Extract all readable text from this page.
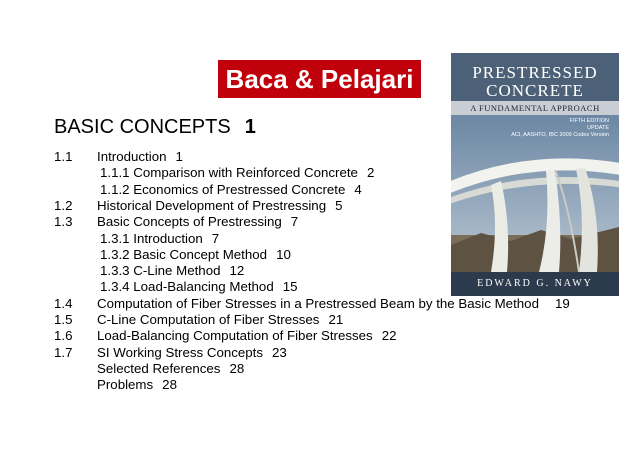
Baca & Pelajari
BASIC CONCEPTS 1
1.1 Introduction 1
1.1.1 Comparison with Reinforced Concrete 2
1.1.2 Economics of Prestressed Concrete 4
1.2 Historical Development of Prestressing 5
1.3 Basic Concepts of Prestressing 7
1.3.1 Introduction 7
1.3.2 Basic Concept Method 10
1.3.3 C-Line Method 12
1.3.4 Load-Balancing Method 15
1.4 Computation of Fiber Stresses in a Prestressed Beam by the Basic Method 19
1.5 C-Line Computation of Fiber Stresses 21
1.6 Load-Balancing Computation of Fiber Stresses 22
1.7 SI Working Stress Concepts 23
Selected References 28
Problems 28
PRESTRESSED
CONCRETE
A FUNDAMENTAL APPROACH
FIFTH EDITION
UPDATE
ACI, AASHTO, IBC 2009 Codes Version
EDWARD G. NAWY
